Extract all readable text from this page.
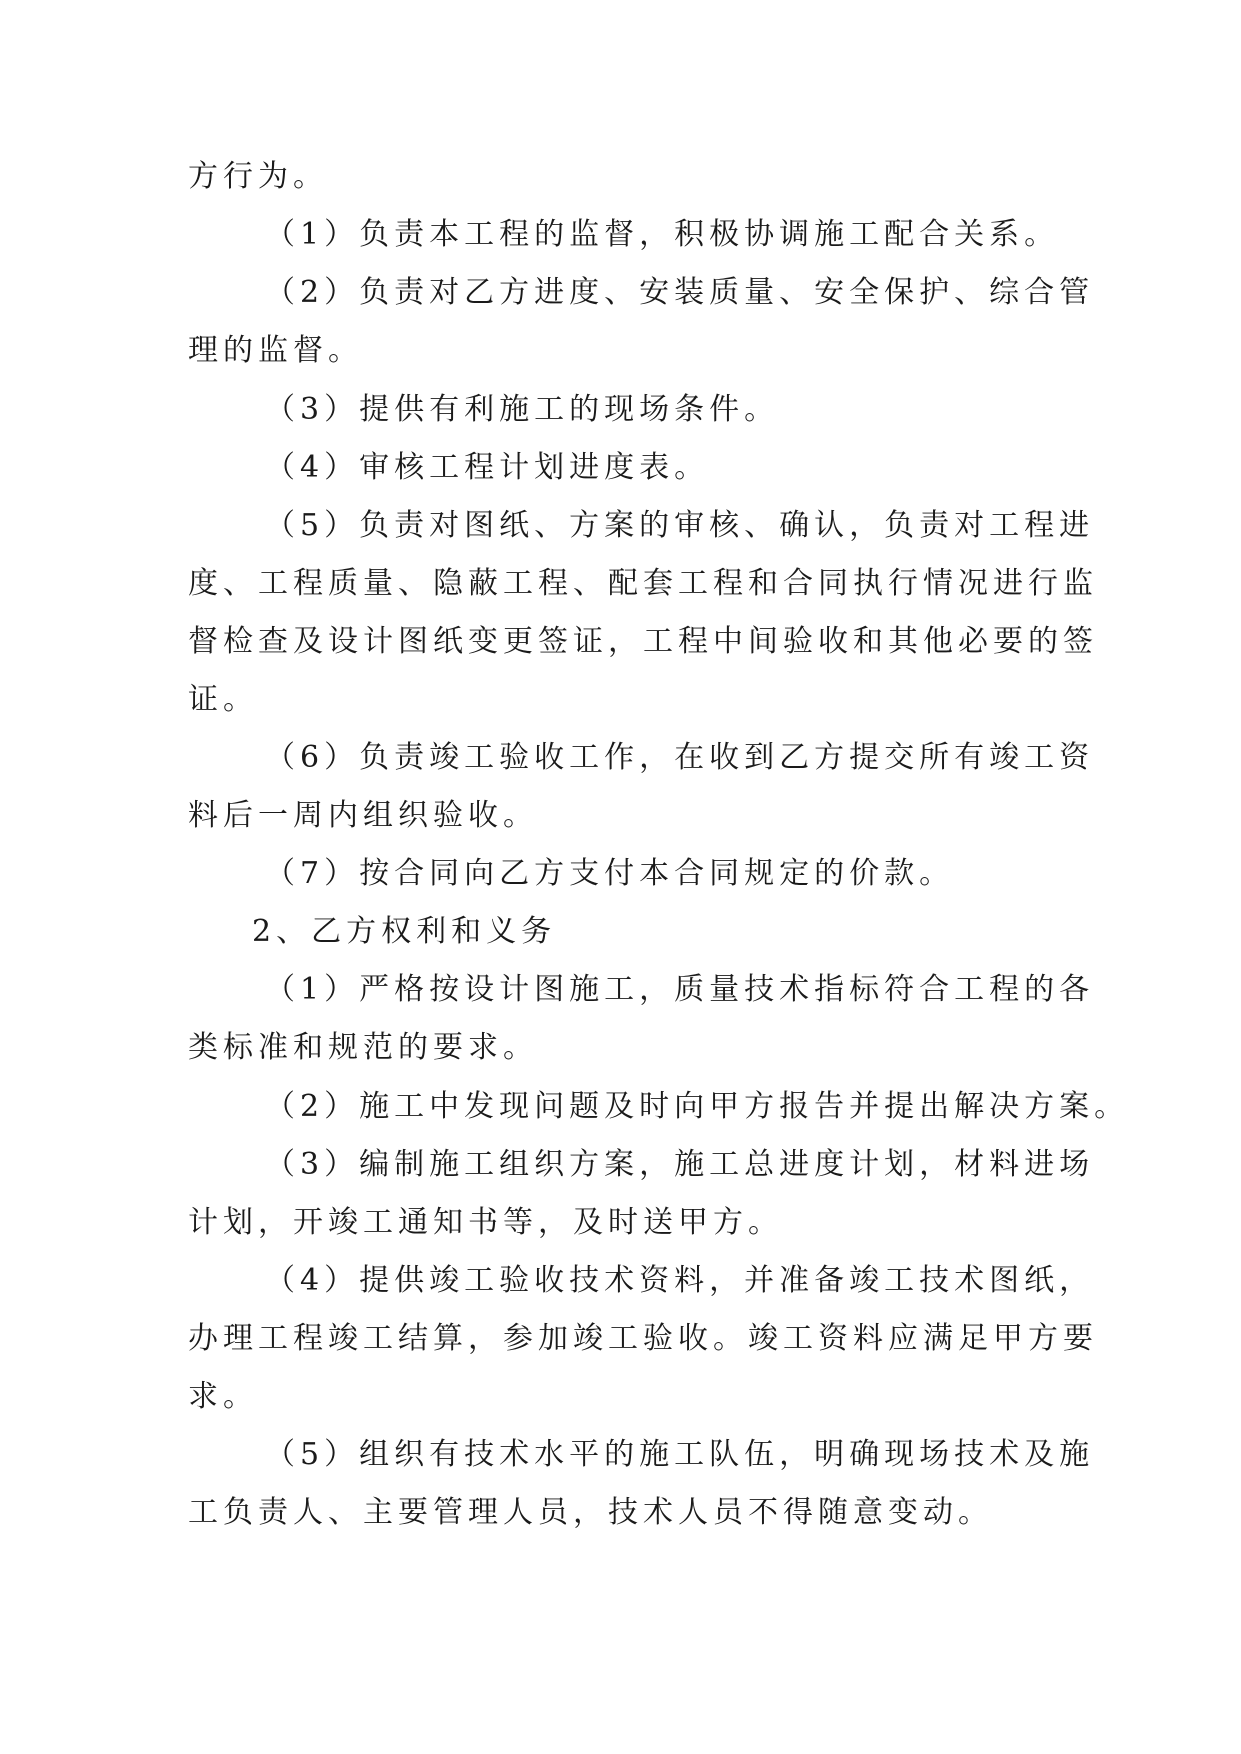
方行为。
（1）负责本工程的监督，积极协调施工配合关系。
（2）负责对乙方进度、安装质量、安全保护、综合管
理的监督。
（3）提供有利施工的现场条件。
（4）审核工程计划进度表。
（5）负责对图纸、方案的审核、确认，负责对工程进
度、工程质量、隐蔽工程、配套工程和合同执行情况进行监
督检查及设计图纸变更签证，工程中间验收和其他必要的签
证。
（6）负责竣工验收工作，在收到乙方提交所有竣工资
料后一周内组织验收。
（7）按合同向乙方支付本合同规定的价款。
2、乙方权利和义务
（1）严格按设计图施工，质量技术指标符合工程的各
类标准和规范的要求。
（2）施工中发现问题及时向甲方报告并提出解决方案。
（3）编制施工组织方案，施工总进度计划，材料进场
计划，开竣工通知书等，及时送甲方。
（4）提供竣工验收技术资料，并准备竣工技术图纸，
办理工程竣工结算，参加竣工验收。竣工资料应满足甲方要
求。
（5）组织有技术水平的施工队伍，明确现场技术及施
工负责人、主要管理人员，技术人员不得随意变动。
